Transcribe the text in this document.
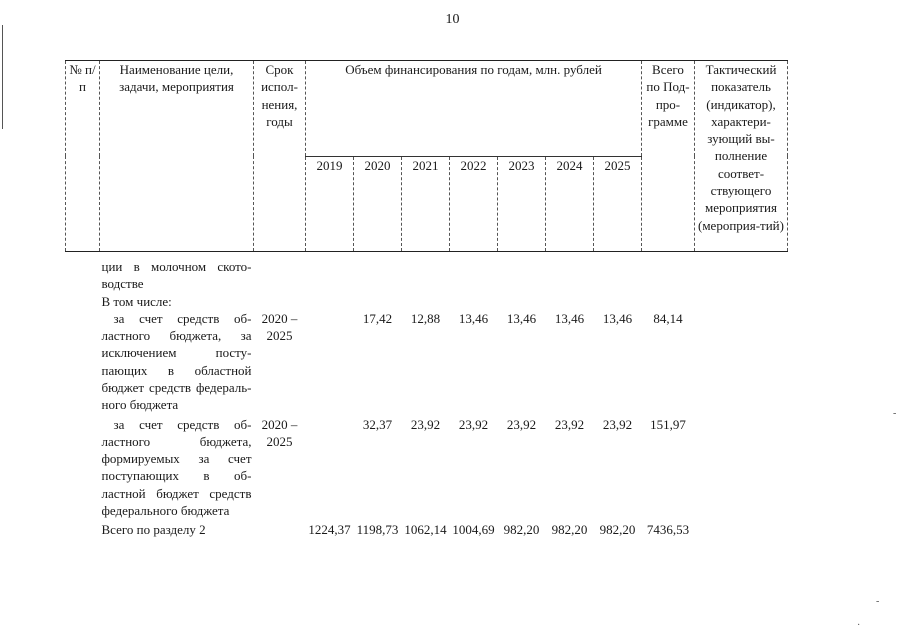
10
-
-
·
№ п/п	Наименование цели, задачи, мероприятия	Срок испол-нения, годы	Объем финансирования по годам, млн. рублей							Всего по Под-про-грамме	Тактический показатель (индикатор), характери-зующий вы-полнение соответ-ствующего мероприятия (мероприя-тий)
			2019	2020	2021	2022	2023	2024	2025		

	ции в молочном ското-водстве
В том числе:										

	за счет средств об-ластного бюджета, за исключением посту-пающих в областной бюджет средств федераль-ного бюджета	2020 – 2025		17,42	12,88	13,46	13,46	13,46	13,46	84,14	
	за счет средств об-ластного бюджета, формируемых за счет поступающих в об-ластной бюджет средств федерального бюджета	2020 – 2025		32,37	23,92	23,92	23,92	23,92	23,92	151,97	
	Всего по разделу 2		1224,37	1198,73	1062,14	1004,69	982,20	982,20	982,20	7436,53	
